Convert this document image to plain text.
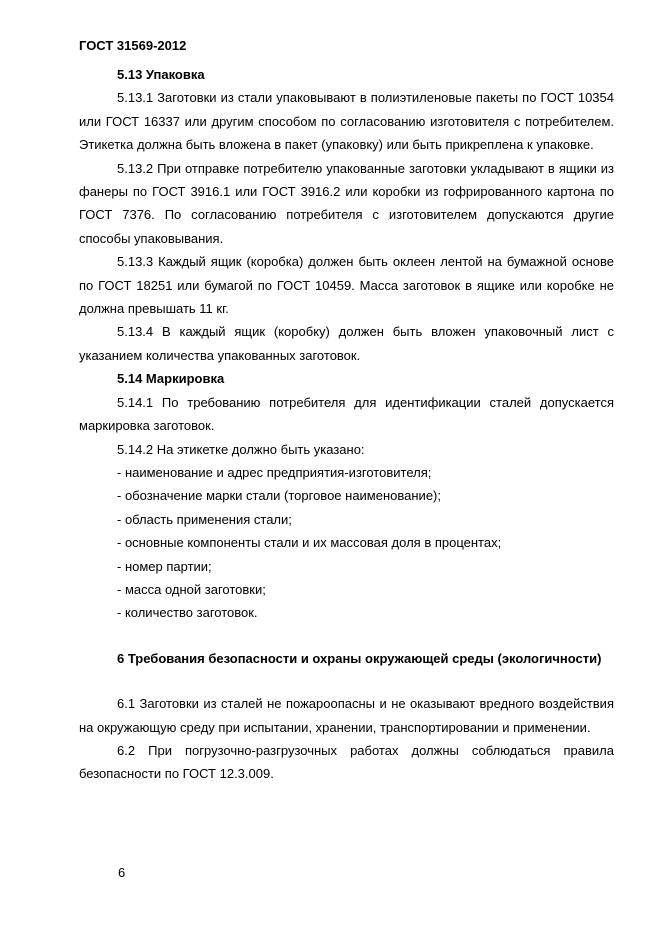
ГОСТ 31569-2012
5.13 Упаковка

5.13.1 Заготовки из стали упаковывают в полиэтиленовые пакеты по ГОСТ 10354 или ГОСТ 16337 или другим способом по согласованию изготовителя с потребителем. Этикетка должна быть вложена в пакет (упаковку) или быть прикреплена к упаковке.

5.13.2 При отправке потребителю упакованные заготовки укладывают в ящики из фанеры по ГОСТ 3916.1 или ГОСТ 3916.2 или коробки из гофрированного картона по ГОСТ 7376. По согласованию потребителя с изготовителем допускаются другие способы упаковывания.

5.13.3 Каждый ящик (коробка) должен быть оклеен лентой на бумажной основе по ГОСТ 18251 или бумагой по ГОСТ 10459. Масса заготовок в ящике или коробке не должна превышать 11 кг.

5.13.4 В каждый ящик (коробку) должен быть вложен упаковочный лист с указанием количества упакованных заготовок.

5.14 Маркировка

5.14.1 По требованию потребителя для идентификации сталей допускается маркировка заготовок.

5.14.2 На этикетке должно быть указано:

- наименование и адрес предприятия-изготовителя;

- обозначение марки стали (торговое наименование);

- область применения стали;

- основные компоненты стали и их массовая доля в процентах;

- номер партии;

- масса одной заготовки;

- количество заготовок.

6 Требования безопасности и охраны окружающей среды (экологичности)

6.1 Заготовки из сталей не пожароопасны и не оказывают вредного воздействия на окружающую среду при испытании, хранении, транспортировании и применении.

6.2 При погрузочно-разгрузочных работах должны соблюдаться правила безопасности по ГОСТ 12.3.009.

6
